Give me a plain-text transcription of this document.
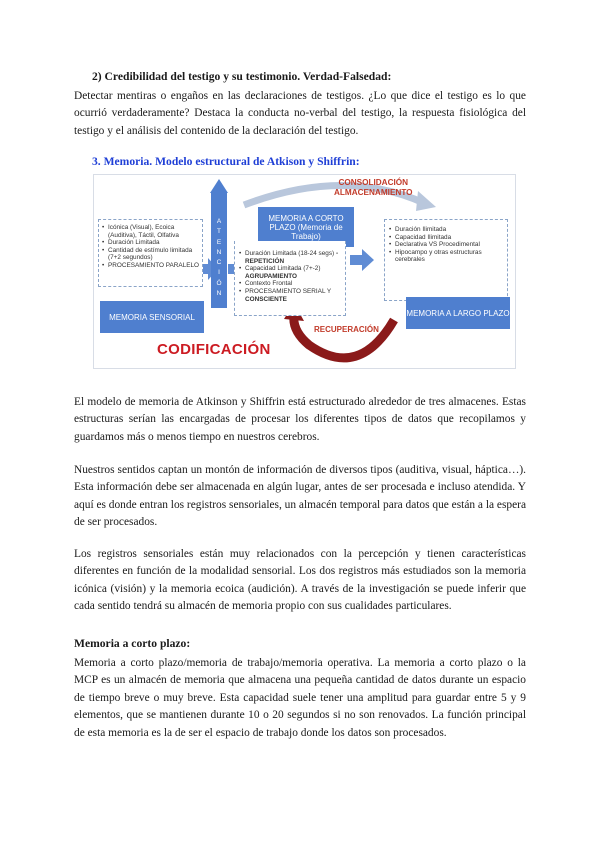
2) Credibilidad del testigo y su testimonio. Verdad-Falsedad:

Detectar mentiras o engaños en las declaraciones de testigos. ¿Lo que dice el testigo es lo que ocurrió verdaderamente? Destaca la conducta no-verbal del testigo, la respuesta fisiológica del testigo y el análisis del contenido de la declaración del testigo.

3. Memoria. Modelo estructural de Atkison y Shiffrin:
CONSOLIDACIÓN
ALMACENAMIENTO
• Icónica (Visual), Ecoica (Auditiva), Táctil, Olfativa
• Duración Limitada
• Cantidad de estímulo limitada (7+2 segundos)
• PROCESAMIENTO PARALELO
MEMORIA SENSORIAL
A
T
E
N
C
I
Ó
N
MEMORIA A CORTO PLAZO (Memoria de Trabajo)
• Duración Limitada (18-24 segs) - REPETICIÓN
• Capacidad Limitada (7+-2) AGRUPAMIENTO
• Contexto Frontal
• PROCESAMIENTO SERIAL Y CONSCIENTE
• Duración Ilimitada
• Capacidad Ilimitada
• Declarativa VS Procedimental
• Hipocampo y otras estructuras cerebrales
MEMORIA A LARGO PLAZO
RECUPERACIÓN
CODIFICACIÓN

El modelo de memoria de Atkinson y Shiffrin está estructurado alrededor de tres almacenes. Estas estructuras serían las encargadas de procesar los diferentes tipos de datos que recopilamos y guardamos más o menos tiempo en nuestros cerebros.

Nuestros sentidos captan un montón de información de diversos tipos (auditiva, visual, háptica…). Esta información debe ser almacenada en algún lugar, antes de ser procesada e incluso atendida. Y aquí es donde entran los registros sensoriales, un almacén temporal para datos que están a la espera de ser procesados.

Los registros sensoriales están muy relacionados con la percepción y tienen características diferentes en función de la modalidad sensorial. Los dos registros más estudiados son la memoria icónica (visión) y la memoria ecoica (audición). A través de la investigación se puede inferir que cada sentido tendrá su almacén de memoria propio con sus cualidades particulares.

Memoria a corto plazo:

Memoria a corto plazo/memoria de trabajo/memoria operativa. La memoria a corto plazo o la MCP es un almacén de memoria que almacena una pequeña cantidad de datos durante un espacio de tiempo breve o muy breve. Esta capacidad suele tener una amplitud para guardar entre 5 y 9 elementos, que se mantienen durante 10 o 20 segundos si no son renovados. La función principal de esta memoria es la de ser el espacio de trabajo donde los datos son procesados.
